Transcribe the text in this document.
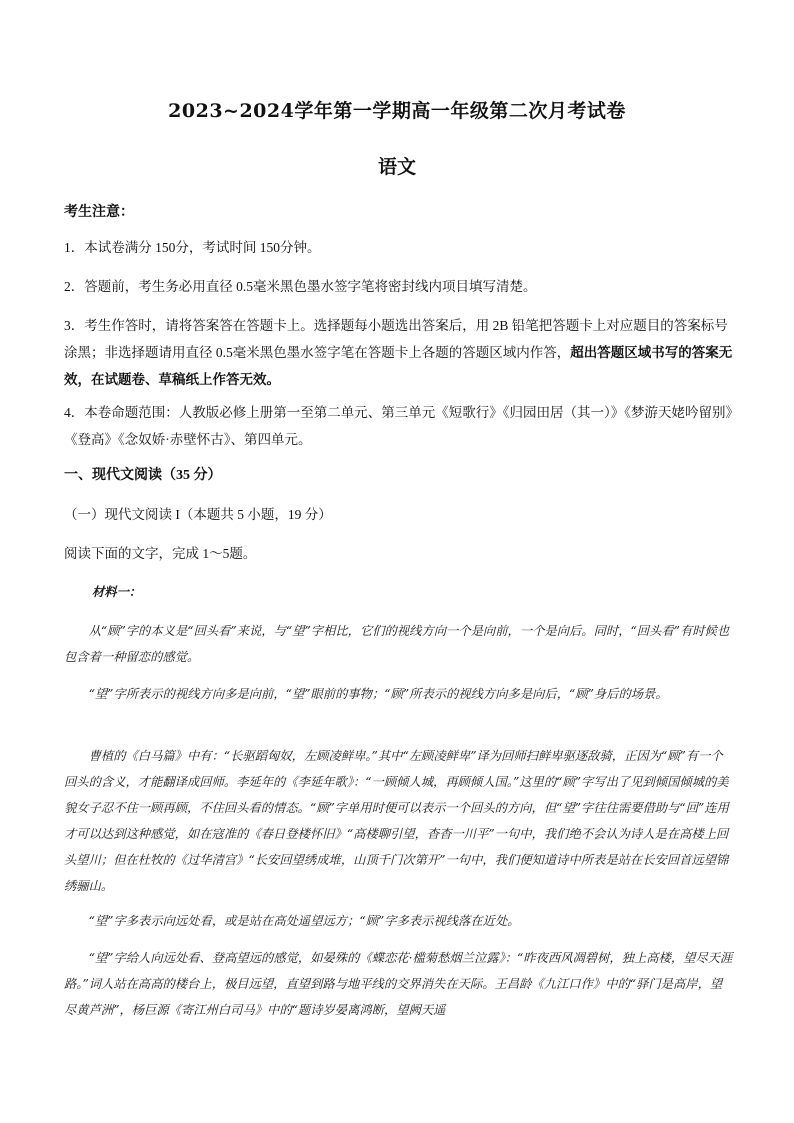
2023~2024学年第一学期高一年级第二次月考试卷
语文
考生注意：
1．本试卷满分 150分，考试时间 150分钟。
2．答题前，考生务必用直径 0.5毫米黑色墨水签字笔将密封线内项目填写清楚。
3．考生作答时，请将答案答在答题卡上。选择题每小题选出答案后，用 2B 铅笔把答题卡上对应题目的答案标号涂黑；非选择题请用直径 0.5毫米黑色墨水签字笔在答题卡上各题的答题区域内作答，超出答题区域书写的答案无效，在试题卷、草稿纸上作答无效。
4．本卷命题范围：人教版必修上册第一至第二单元、第三单元《短歌行》《归园田居（其一）》《梦游天姥吟留别》《登高》《念奴娇·赤壁怀古》、第四单元。
一、现代文阅读（35 分）
（一）现代文阅读 I（本题共 5 小题，19 分）
阅读下面的文字，完成 1～5题。
材料一：
从“顾”字的本义是“回头看”来说，与“望”字相比，它们的视线方向一个是向前，一个是向后。同时，“回头看”有时候也包含着一种留恋的感觉。
“望”字所表示的视线方向多是向前，“望”眼前的事物；“顾”所表示的视线方向多是向后，“顾”身后的场景。
曹植的《白马篇》中有：“长驱蹈匈奴，左顾凌鲜卑。”其中“左顾凌鲜卑”译为回师扫鲜卑驱逐敌骑，正因为“顾”有一个回头的含义，才能翻译成回师。李延年的《李延年歌》：“一顾倾人城，再顾倾人国。”这里的“顾”字写出了见到倾国倾城的美貌女子忍不住一顾再顾，不住回头看的情态。“顾”字单用时便可以表示一个回头的方向，但“望”字往往需要借助与“回”连用才可以达到这种感觉，如在寇准的《春日登楼怀旧》“高楼聊引望，杳杳一川平”一句中，我们绝不会认为诗人是在高楼上回头望川；但在杜牧的《过华清宫》“长安回望绣成堆，山顶千门次第开”一句中，我们便知道诗中所表是站在长安回首远望锦绣骊山。
“望”字多表示向远处看，或是站在高处遥望远方；“顾”字多表示视线落在近处。
“望”字给人向远处看、登高望远的感觉，如晏殊的《蝶恋花·槛菊愁烟兰泣露》：“昨夜西风凋碧树，独上高楼，望尽天涯路。”词人站在高高的楼台上，极目远望，直望到路与地平线的交界消失在天际。王昌龄《九江口作》中的“驿门是高岸，望尽黄芦洲”，杨巨源《寄江州白司马》中的“题诗岁晏离鸿断，望阙天遥
